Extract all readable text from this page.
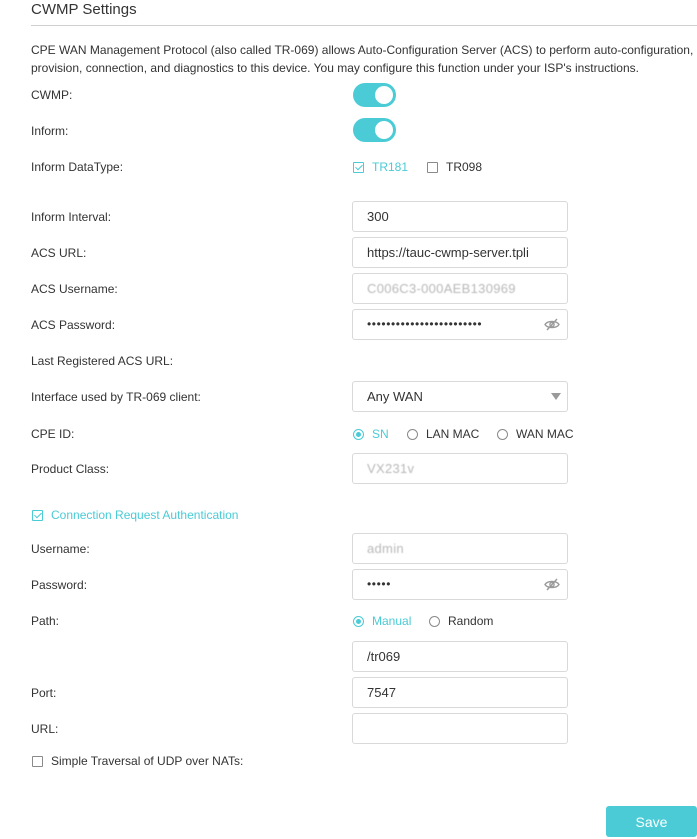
CWMP Settings
CPE WAN Management Protocol (also called TR-069) allows Auto-Configuration Server (ACS) to perform auto-configuration, provision, connection, and diagnostics to this device. You may configure this function under your ISP's instructions.
CWMP:
Inform:
Inform DataType:	TR181	TR098
Inform Interval:	300
ACS URL:	https://tauc-cwmp-server.tpli
ACS Username:	C006C3-000AEB130969
ACS Password:	••••••••••••••••••••••••
Last Registered ACS URL:
Interface used by TR-069 client:	Any WAN
CPE ID:	SN	LAN MAC	WAN MAC
Product Class:	VX231v
Connection Request Authentication
Username:	admin
Password:	•••••
Path:	Manual	Random
/tr069
Port:	7547
URL:
Simple Traversal of UDP over NATs:
Save
